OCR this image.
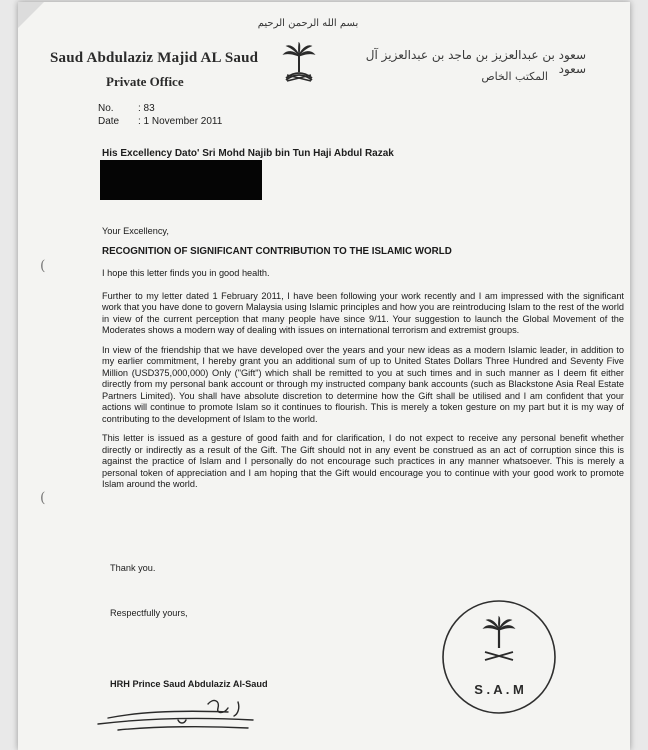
بسم الله الرحمن الرحيم
Saud Abdulaziz Majid AL Saud
Private Office
سعود بن عبدالعزيز بن ماجد بن عبدالعزيز آل سعود
المكتب الخاص
No. : 83
Date : 1 November 2011
His Excellency Dato' Sri Mohd Najib bin Tun Haji Abdul Razak
(
(

Your Excellency,

RECOGNITION OF SIGNIFICANT CONTRIBUTION TO THE ISLAMIC WORLD

I hope this letter finds you in good health.

Further to my letter dated 1 February 2011, I have been following your work recently and I am impressed with the significant work that you have done to govern Malaysia using Islamic principles and how you are reintroducing Islam to the rest of the world in view of the current perception that many people have since 9/11. Your suggestion to launch the Global Movement of the Moderates shows a modern way of dealing with issues on international terrorism and extremist groups.

In view of the friendship that we have developed over the years and your new ideas as a modern Islamic leader, in addition to my earlier commitment, I hereby grant you an additional sum of up to United States Dollars Three Hundred and Seventy Five Million (USD375,000,000) Only ("Gift") which shall be remitted to you at such times and in such manner as I deem fit either directly from my personal bank account or through my instructed company bank accounts (such as Blackstone Asia Real Estate Partners Limited). You shall have absolute discretion to determine how the Gift shall be utilised and I am confident that your actions will continue to promote Islam so it continues to flourish. This is merely a token gesture on my part but it is my way of contributing to the development of Islam to the world.

This letter is issued as a gesture of good faith and for clarification, I do not expect to receive any personal benefit whether directly or indirectly as a result of the Gift. The Gift should not in any event be construed as an act of corruption since this is against the practice of Islam and I personally do not encourage such practices in any manner whatsoever. This is merely a personal token of appreciation and I am hoping that the Gift would encourage you to continue with your good work to promote Islam around the world.

Thank you.
Respectfully yours,
HRH Prince Saud Abdulaziz Al-Saud	S . A . M
